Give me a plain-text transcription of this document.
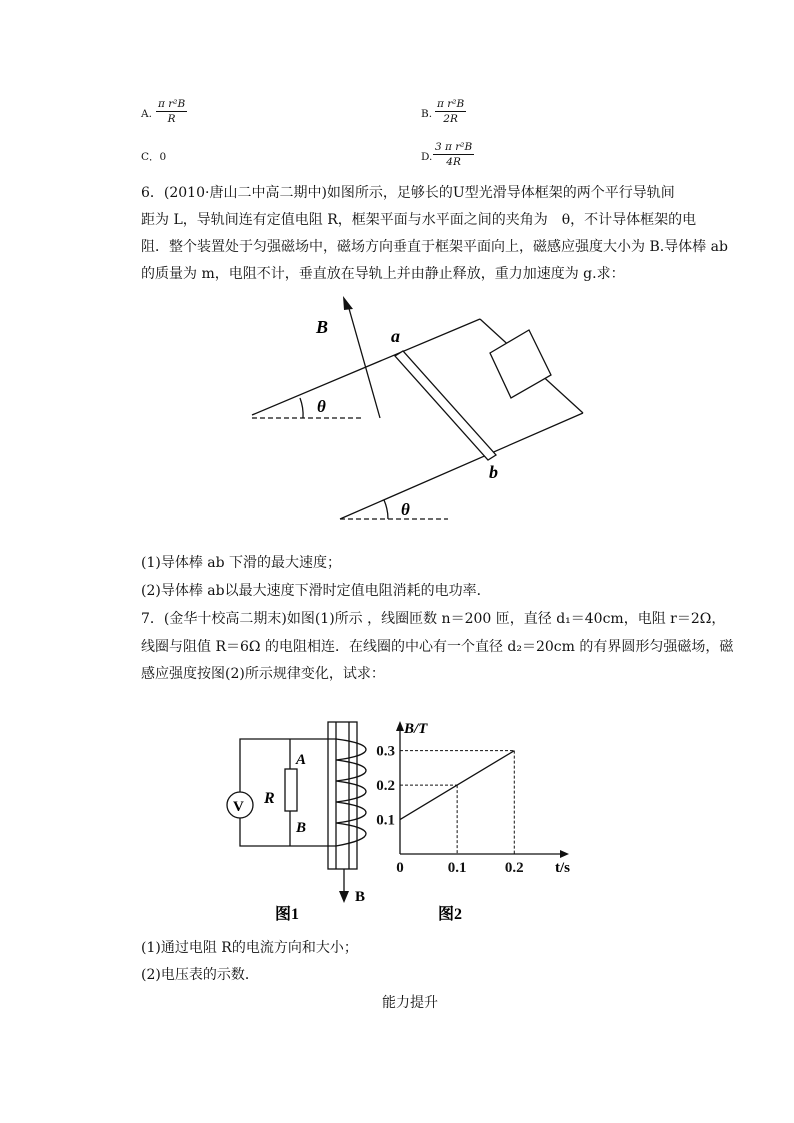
A. $\frac{\text{π r²B}}{R}$	B. $\frac{\text{π r²B}}{2R}$
C．0	D. $\frac{\text{3 π r²B}}{4R}$
6．(2010·唐山二中高二期中)如图所示，足够长的U型光滑导体框架的两个平行导轨间
距为 L，导轨间连有定值电阻 R，框架平面与水平面之间的夹角为　θ，不计导体框架的电
阻．整个装置处于匀强磁场中，磁场方向垂直于框架平面向上，磁感应强度大小为 B.导体棒 ab
的质量为 m，电阻不计，垂直放在导轨上并由静止释放，重力加速度为 g.求：
B	a
b
θ
θ
(1)导体棒 ab 下滑的最大速度；
(2)导体棒 ab以最大速度下滑时定值电阻消耗的电功率．
7．(金华十校高二期末)如图(1)所示 ，线圈匝数 n＝200 匝，直径 d₁＝40cm，电阻 r＝2Ω，
线圈与阻值 R＝6Ω 的电阻相连．在线圈的中心有一个直径 d₂＝20cm 的有界圆形匀强磁场，磁
感应强度按图(2)所示规律变化，试求：
V R
A
B
B
图1
0	0.1	0.2
0.1
0.2
0.3
B/T
t/s
图2
(1)通过电阻 R的电流方向和大小；
(2)电压表的示数．
能力提升
